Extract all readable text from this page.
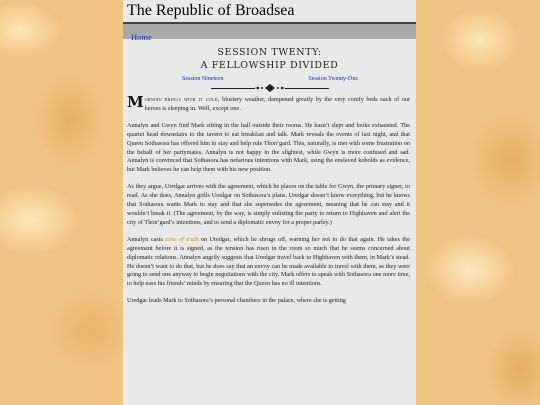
The Republic of Broadsea
Home
SESSION TWENTY:
A FELLOWSHIP DIVIDED
Session Nineteen	Session Twenty-One

Morning brings with it cold, blustery weather, dampened greatly by the very comfy beds each of our heroes is sleeping in. Well, except one.

Annalyn and Gwyn find Mark sitting in the hall outside their rooms. He hasn’t slept and looks exhausted. The quartet head downstairs to the tavern to eat breakfast and talk. Mark reveals the events of last night, and that Queen Sothasora has offered him to stay and help rule Thon’gard. This, naturally, is met with some frustration on the behalf of her partymates. Annalyn is not happy in the slightest, while Gwyn is more confused and sad. Annalyn is convinced that Sothasora has nefarious intentions with Mark, using the enslaved kobolds as evidence, but Mark believes he can help them with his new position.

As they argue, Uredgar arrives with the agreement, which he places on the table for Gwyn, the primary signer, to read. As she does, Annalyn grills Uredgar on Sothasora’s plans. Uredgar doesn’t know everything, but he knows that Sothasora wants Mark to stay and that she supersedes the agreement, meaning that he can stay and it wouldn’t break it. (The agreement, by the way, is simply enlisting the party to return to Highhaven and alert the city of Thon’gard’s intentions, and to send a diplomatic envoy for a proper parley.)

Annalyn casts zone of truth on Uredgar, which he shrugs off, warning her not to do that again. He takes the agreement before it is signed, as the tension has risen in the room so much that he seems concerned about diplomatic relations. Annalyn angrily suggests that Uredgar travel back to Highhaven with them, in Mark’s stead. He doesn’t want to do that, but he does say that an envoy can be made available to travel with them, as they were going to send one anyway to begin negotiations with the city. Mark offers to speak with Sothasora one more time, to help ease his friends’ minds by ensuring that the Queen has no ill intentions.

Uredgar leads Mark to Sothasora’s personal chambers in the palace, where she is getting
